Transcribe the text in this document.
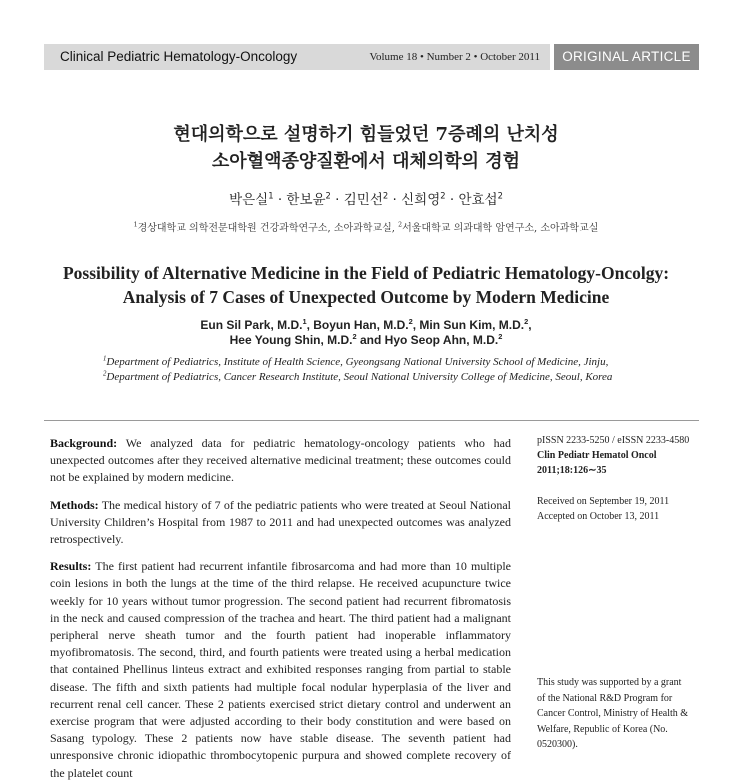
Clinical Pediatric Hematology-Oncology	Volume 18 • Number 2 • October 2011	ORIGINAL ARTICLE
현대의학으로 설명하기 힘들었던 7증례의 난치성
소아혈액종양질환에서 대체의학의 경험
박은실$^1$ · 한보윤$^2$ · 김민선$^2$ · 신희영$^2$ · 안효섭$^2$
$^1$경상대학교 의학전문대학원 건강과학연구소, 소아과학교실, $^2$서울대학교 의과대학 암연구소, 소아과학교실
Possibility of Alternative Medicine in the Field of Pediatric Hematology-Oncolgy:
Analysis of 7 Cases of Unexpected Outcome by Modern Medicine
Eun Sil Park, M.D.$^1$, Boyun Han, M.D.$^2$, Min Sun Kim, M.D.$^2$,
Hee Young Shin, M.D.$^2$ and Hyo Seop Ahn, M.D.$^2$
$^1$Department of Pediatrics, Institute of Health Science, Gyeongsang National University School of Medicine, Jinju,
$^2$Department of Pediatrics, Cancer Research Institute, Seoul National University College of Medicine, Seoul, Korea

Background: We analyzed data for pediatric hematology-oncology patients who had unexpected outcomes after they received alternative medicinal treatment; these outcomes could not be explained by modern medicine.

Methods: The medical history of 7 of the pediatric patients who were treated at Seoul National University Children’s Hospital from 1987 to 2011 and had unexpected outcomes was analyzed retrospectively.

Results: The first patient had recurrent infantile fibrosarcoma and had more than 10 multiple coin lesions in both the lungs at the time of the third relapse. He received acupuncture twice weekly for 10 years without tumor progression. The second patient had recurrent fibromatosis in the neck and caused compression of the trachea and heart. The third patient had a malignant peripheral nerve sheath tumor and the fourth patient had inoperable inflammatory myofibromatosis. The second, third, and fourth patients were treated using a herbal medication that contained Phellinus linteus extract and exhibited responses ranging from partial to stable disease. The fifth and sixth patients had multiple focal nodular hyperplasia of the liver and recurrent renal cell cancer. These 2 patients exercised strict dietary control and underwent an exercise program that were adjusted according to their body constitution and were based on Sasang typology. These 2 patients now have stable disease. The seventh patient had unresponsive chronic idiopathic thrombocytopenic purpura and showed complete recovery of the platelet count

pISSN 2233-5250 / eISSN 2233-4580
Clin Pediatr Hematol Oncol
2011;18:126∼35
Received on September 19, 2011
Accepted on October 13, 2011
This study was supported by a grant
of the National R&D Program for
Cancer Control, Ministry of Health &
Welfare, Republic of Korea (No.
0520300).
